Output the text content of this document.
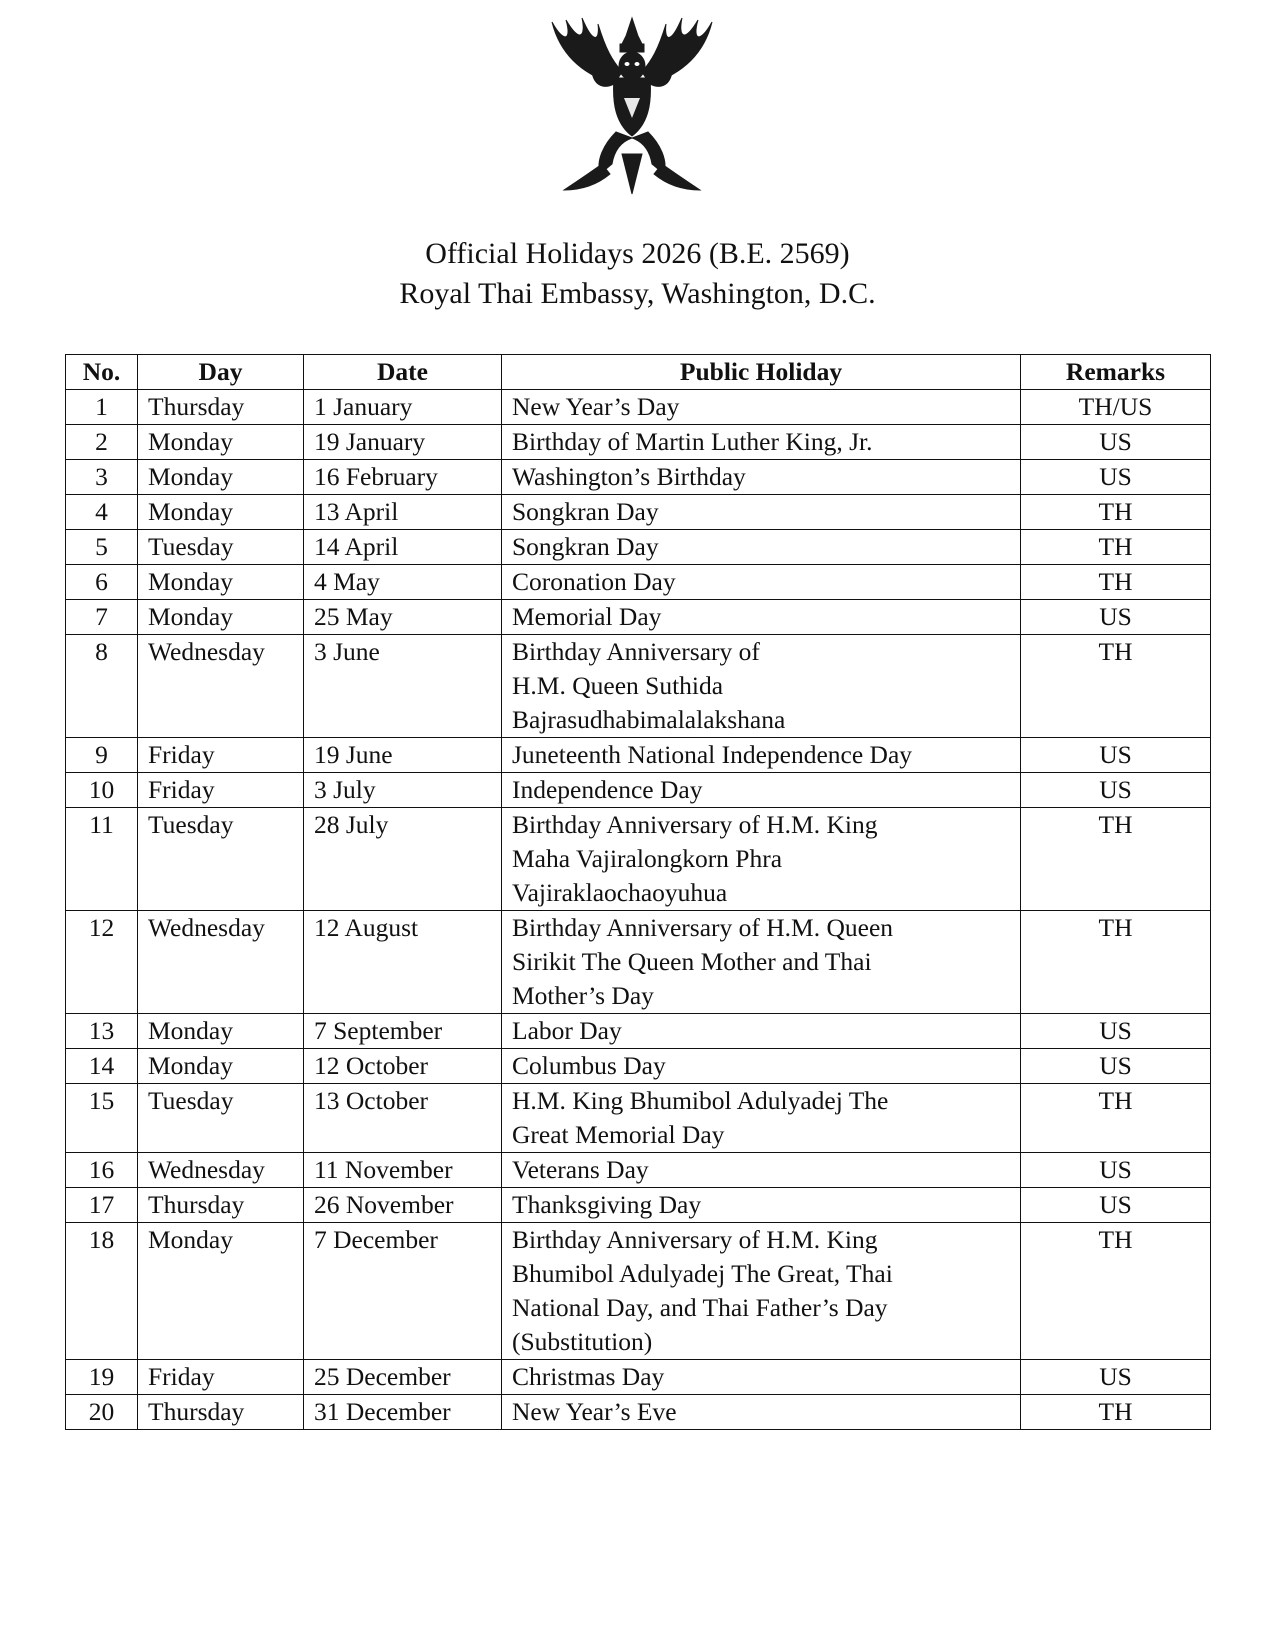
Official Holidays 2026 (B.E. 2569)
Royal Thai Embassy, Washington, D.C.
No.	Day	Date	Public Holiday	Remarks
1	Thursday	1 January	New Year’s Day	TH/US
2	Monday	19 January	Birthday of Martin Luther King, Jr.	US
3	Monday	16 February	Washington’s Birthday	US
4	Monday	13 April	Songkran Day	TH
5	Tuesday	14 April	Songkran Day	TH
6	Monday	4 May	Coronation Day	TH
7	Monday	25 May	Memorial Day	US
8	Wednesday	3 June	Birthday Anniversary of
H.M. Queen Suthida
Bajrasudhabimalalakshana	TH
9	Friday	19 June	Juneteenth National Independence Day	US
10	Friday	3 July	Independence Day	US
11	Tuesday	28 July	Birthday Anniversary of H.M. King
Maha Vajiralongkorn Phra
Vajiraklaochaoyuhua	TH
12	Wednesday	12 August	Birthday Anniversary of H.M. Queen
Sirikit The Queen Mother and Thai
Mother’s Day	TH
13	Monday	7 September	Labor Day	US
14	Monday	12 October	Columbus Day	US
15	Tuesday	13 October	H.M. King Bhumibol Adulyadej The
Great Memorial Day	TH
16	Wednesday	11 November	Veterans Day	US
17	Thursday	26 November	Thanksgiving Day	US
18	Monday	7 December	Birthday Anniversary of H.M. King
Bhumibol Adulyadej The Great, Thai
National Day, and Thai Father’s Day
(Substitution)	TH
19	Friday	25 December	Christmas Day	US
20	Thursday	31 December	New Year’s Eve	TH
